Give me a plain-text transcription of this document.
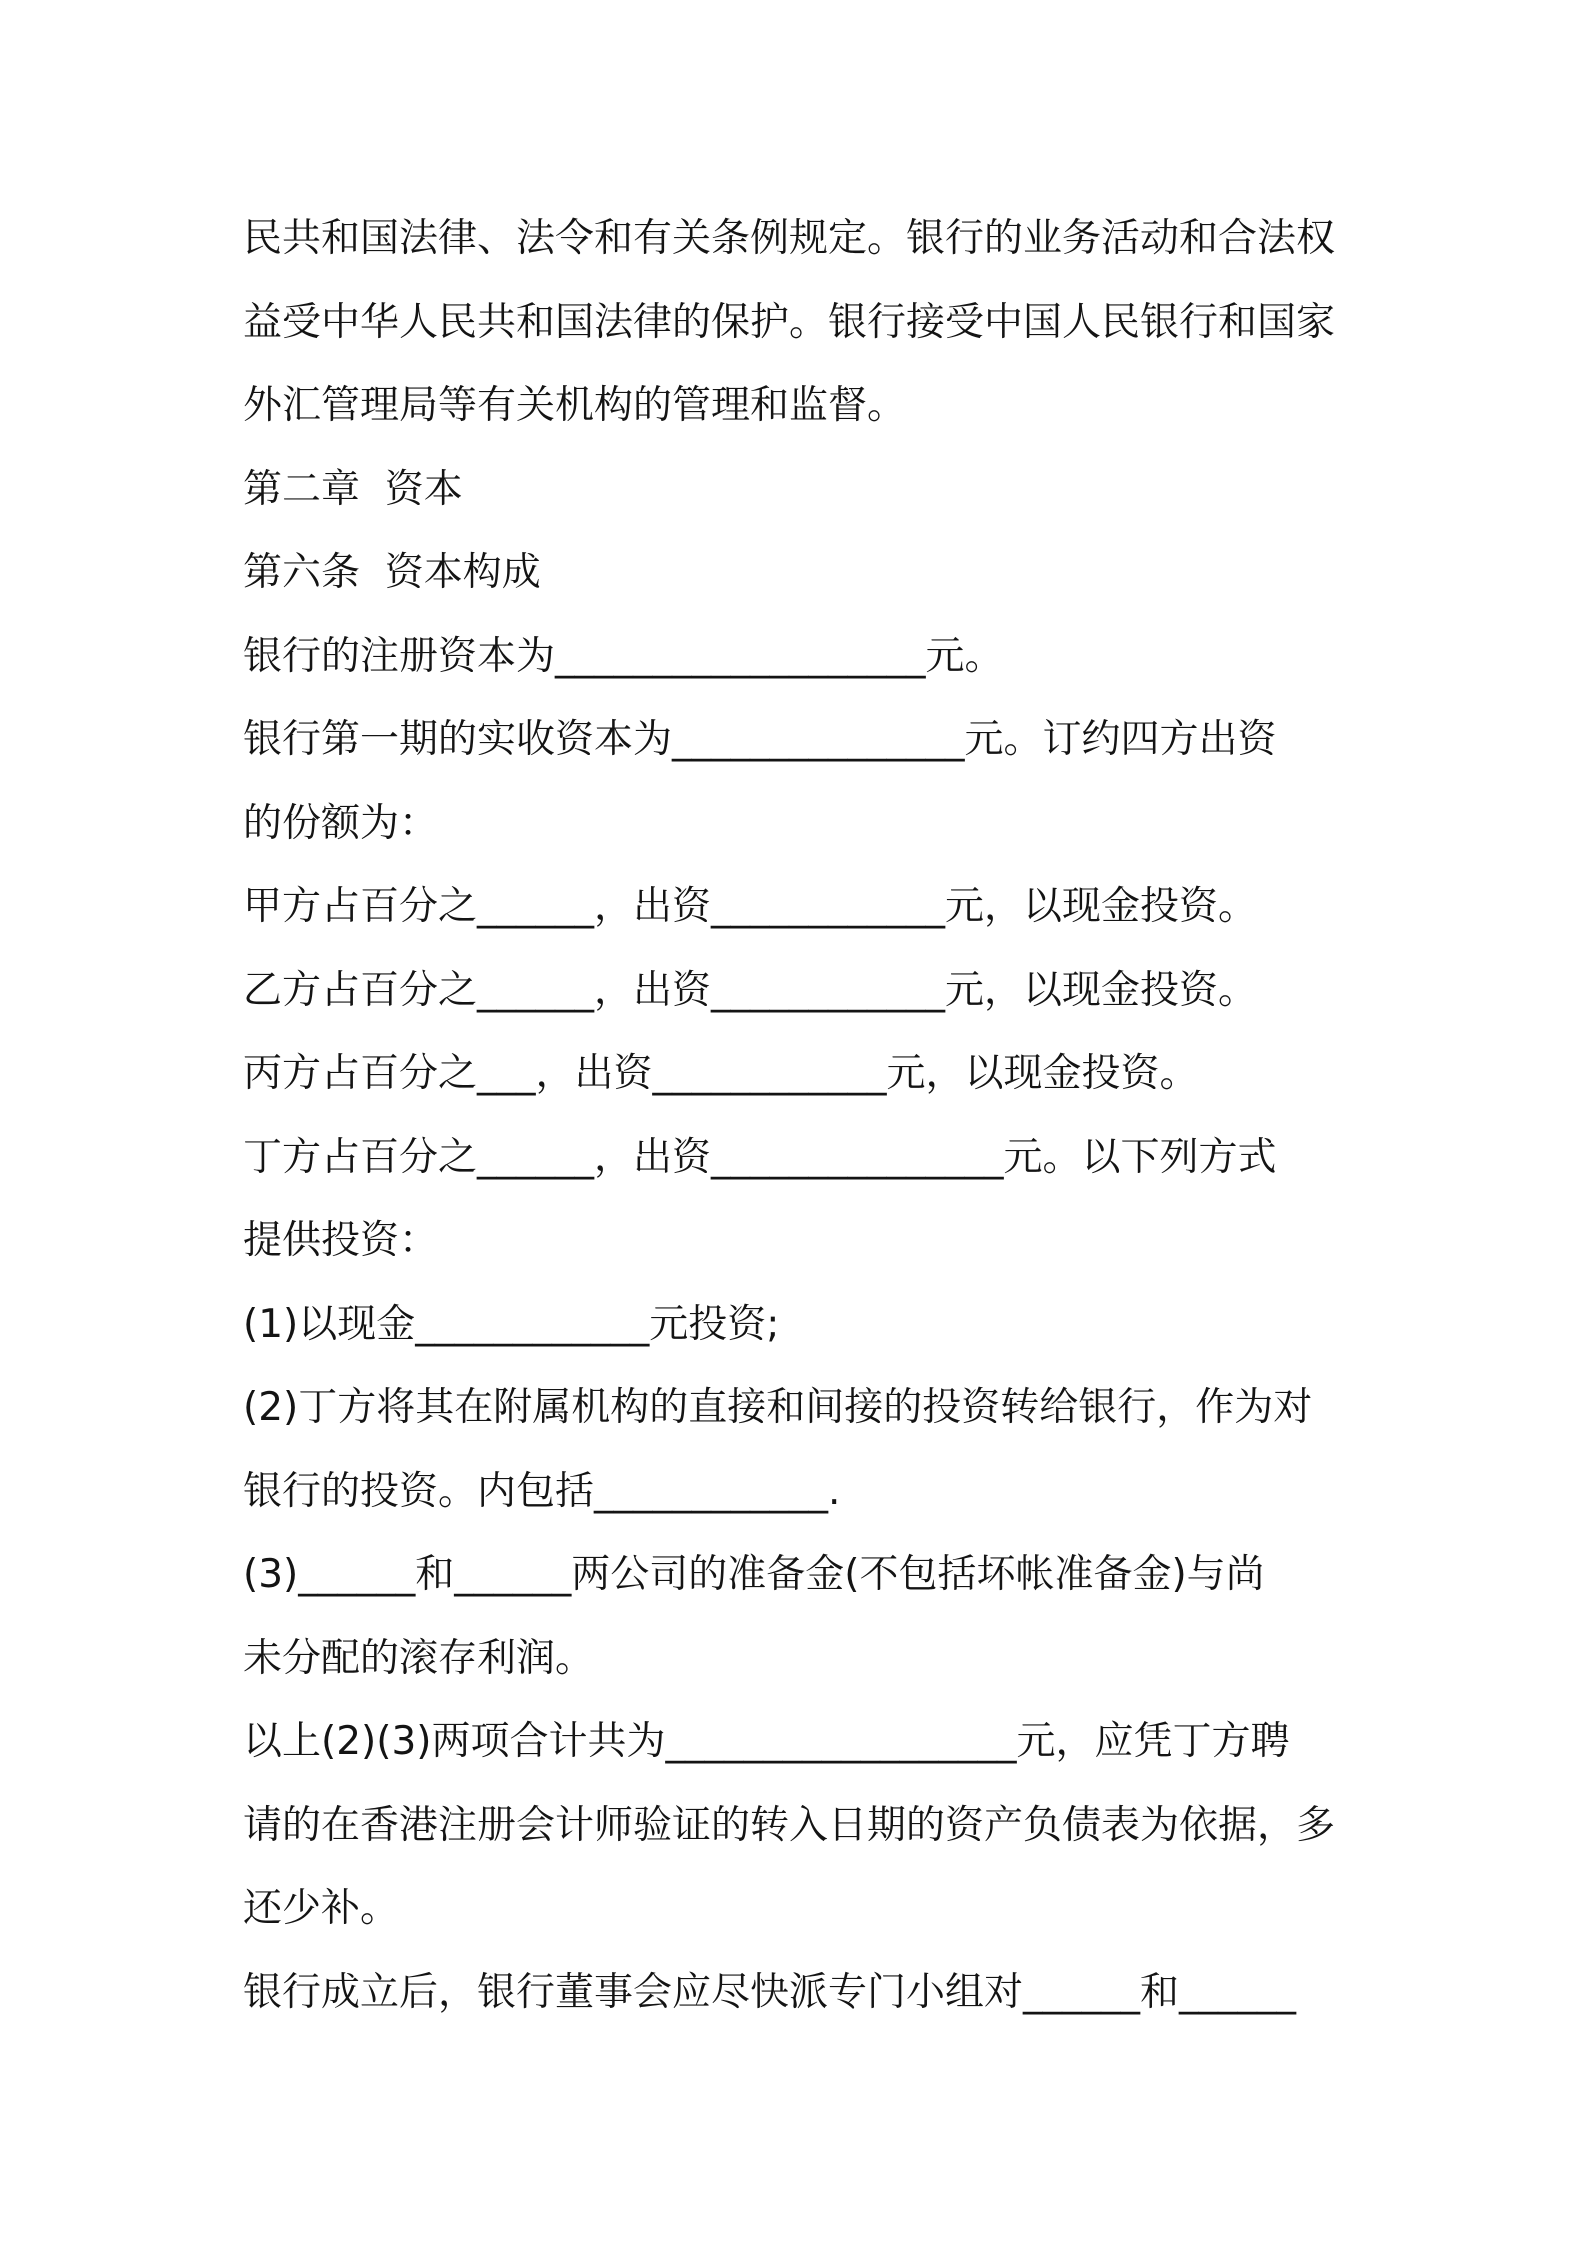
民共和国法律、法令和有关条例规定。银行的业务活动和合法权
益受中华人民共和国法律的保护。银行接受中国人民银行和国家
外汇管理局等有关机构的管理和监督。
第二章  资本
第六条  资本构成
银行的注册资本为___________________元。
银行第一期的实收资本为_______________元。订约四方出资
的份额为：
甲方占百分之______，出资____________元，以现金投资。
乙方占百分之______，出资____________元，以现金投资。
丙方占百分之___，出资____________元，以现金投资。
丁方占百分之______，出资_______________元。以下列方式
提供投资：
(1)以现金____________元投资;
(2)丁方将其在附属机构的直接和间接的投资转给银行，作为对
银行的投资。内包括____________.
(3)______和______两公司的准备金(不包括坏帐准备金)与尚
未分配的滚存利润。
以上(2)(3)两项合计共为__________________元，应凭丁方聘
请的在香港注册会计师验证的转入日期的资产负债表为依据，多
还少补。
银行成立后，银行董事会应尽快派专门小组对______和______
